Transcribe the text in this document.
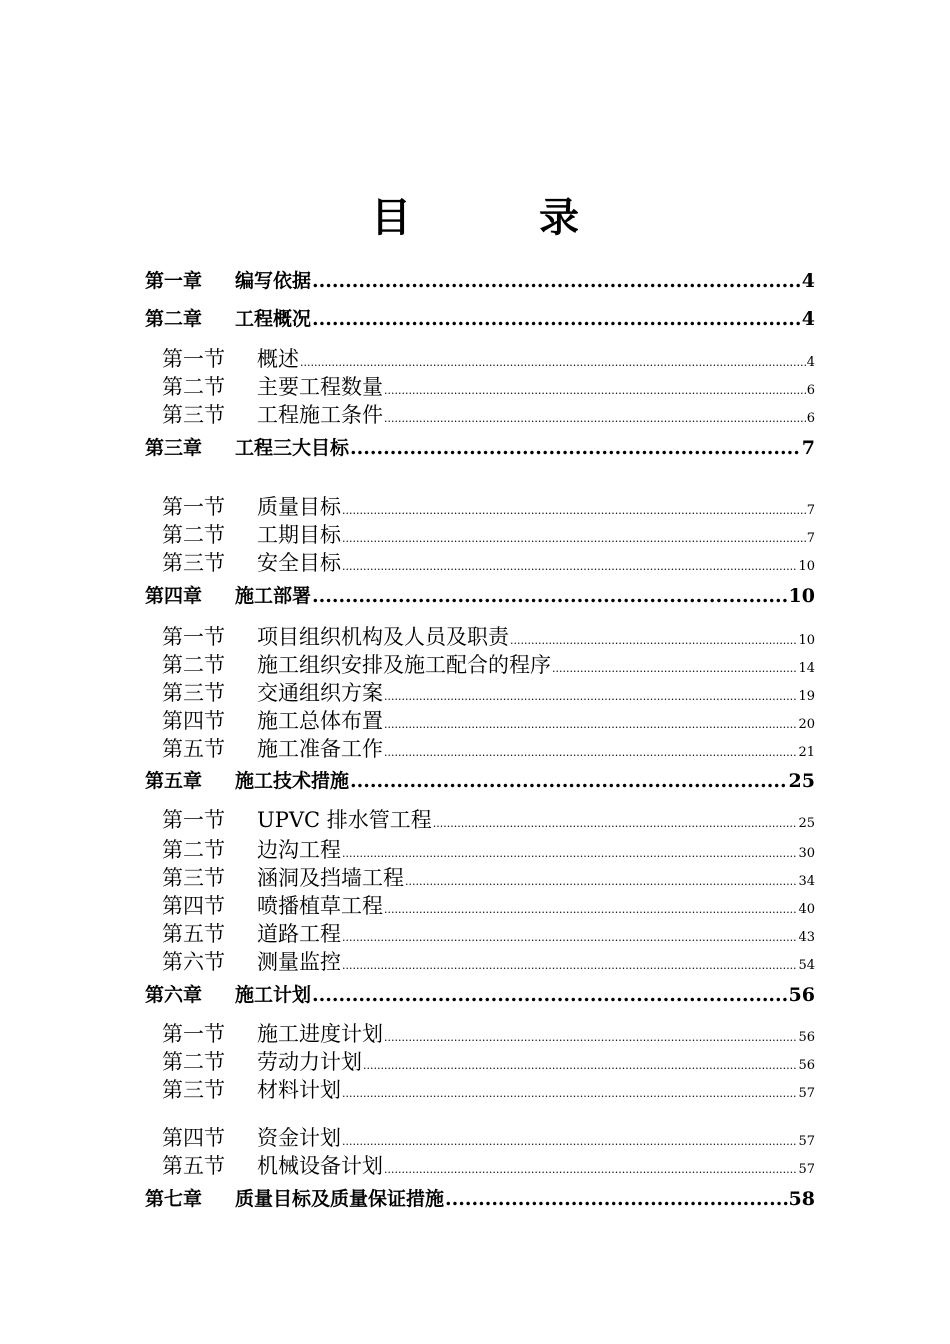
目　录
第一章	编写依据 .....	4
第二章	工程概况 .....	4
第一节	概述 .....	4
第二节	主要工程数量 .....	6
第三节	工程施工条件 .....	6
第三章	工程三大目标 .....	7
第一节	质量目标 .....	7
第二节	工期目标 .....	7
第三节	安全目标 .....	10
第四章	施工部署 .....	10
第一节	项目组织机构及人员及职责 .....	10
第二节	施工组织安排及施工配合的程序 .....	14
第三节	交通组织方案 .....	19
第四节	施工总体布置 .....	20
第五节	施工准备工作 .....	21
第五章	施工技术措施 .....	25
第一节	UPVC 排水管工程 .....	25
第二节	边沟工程 .....	30
第三节	涵洞及挡墙工程 .....	34
第四节	喷播植草工程 .....	40
第五节	道路工程 .....	43
第六节	测量监控 .....	54
第六章	施工计划 .....	56
第一节	施工进度计划 .....	56
第二节	劳动力计划 .....	56
第三节	材料计划 .....	57
第四节	资金计划 .....	57
第五节	机械设备计划 .....	57
第七章	质量目标及质量保证措施 .....	58
